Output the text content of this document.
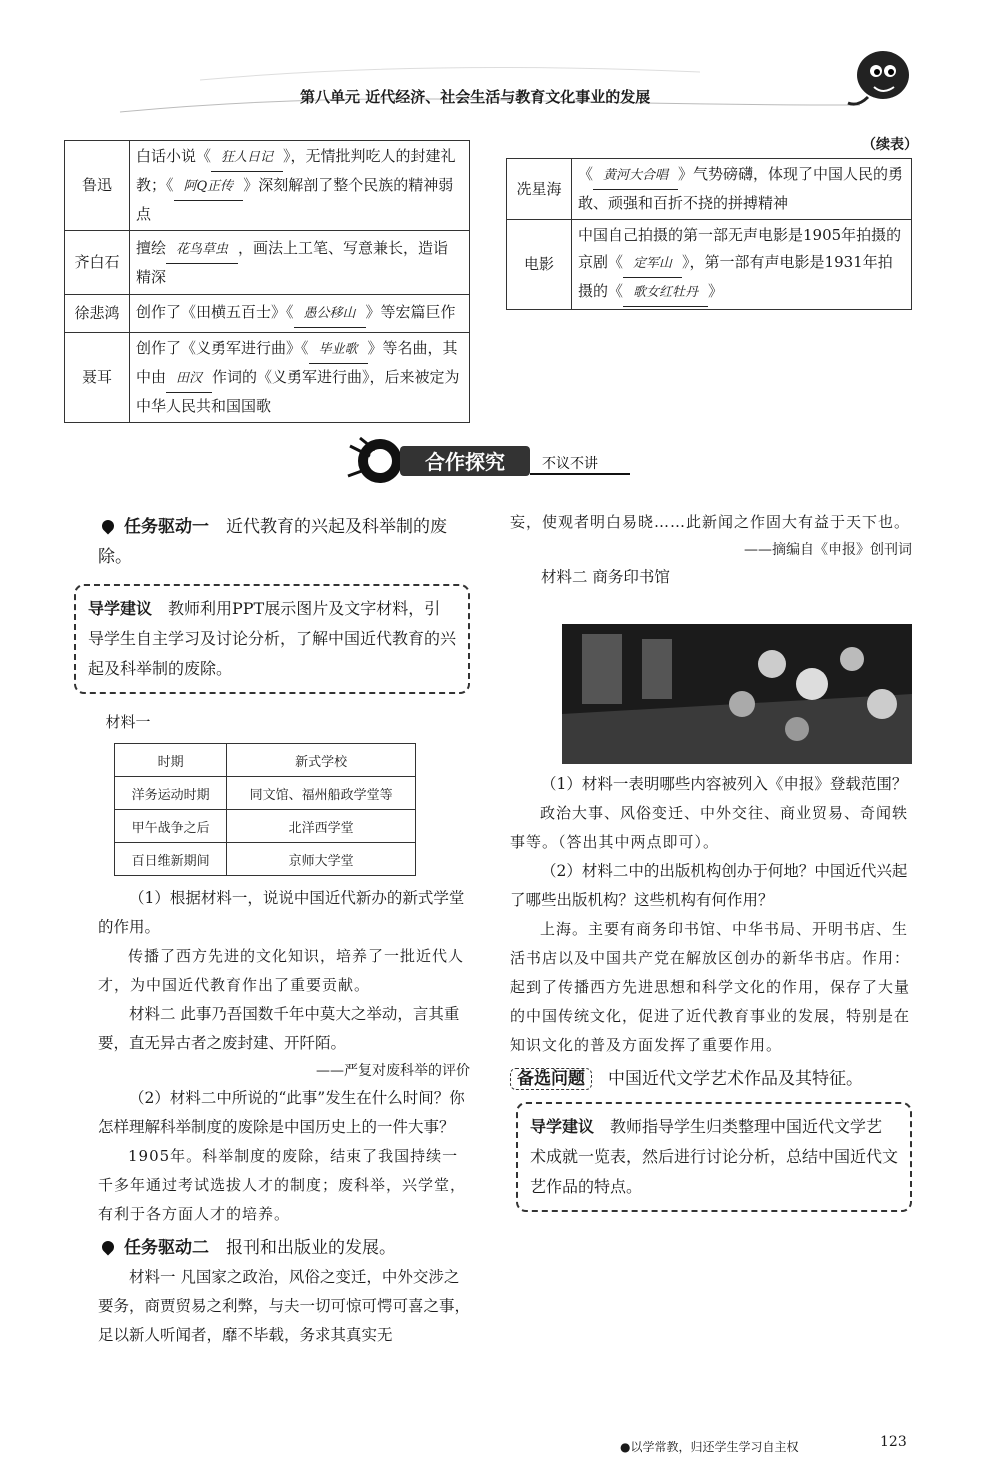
第八单元 近代经济、社会生活与教育文化事业的发展
（续表）
鲁迅	白话小说《 狂人日记 》，无情批判吃人的封建礼教；《 阿Q正传 》深刻解剖了整个民族的精神弱点
齐白石	擅绘 花鸟草虫 ，画法上工笔、写意兼长，造诣精深
徐悲鸿	创作了《田横五百士》《 愚公移山 》等宏篇巨作
聂耳	创作了《义勇军进行曲》《 毕业歌 》等名曲，其中由 田汉 作词的《义勇军进行曲》，后来被定为中华人民共和国国歌
冼星海	《 黄河大合唱 》气势磅礴，体现了中国人民的勇敢、顽强和百折不挠的拼搏精神
电影	中国自己拍摄的第一部无声电影是1905年拍摄的京剧《 定军山 》，第一部有声电影是1931年拍摄的《 歌女红牡丹 》
合作探究	不议不讲
任务驱动一　 近代教育的兴起及科举制的废除。
导学建议 教师利用PPT展示图片及文字材料，引导学生自主学习及讨论分析，了解中国近代教育的兴起及科举制的废除。
材料一
时期	新式学校
洋务运动时期	同文馆、福州船政学堂等
甲午战争之后	北洋西学堂
百日维新期间	京师大学堂

（1）根据材料一，说说中国近代新办的新式学堂的作用。

传播了西方先进的文化知识，培养了一批近代人才，为中国近代教育作出了重要贡献。

材料二 此事乃吾国数千年中莫大之举动，言其重要，直无异古者之废封建、开阡陌。

——严复对废科举的评价

（2）材料二中所说的“此事”发生在什么时间？你怎样理解科举制度的废除是中国历史上的一件大事？

1905年。科举制度的废除，结束了我国持续一千多年通过考试选拔人才的制度；废科举，兴学堂，有利于各方面人才的培养。

任务驱动二　 报刊和出版业的发展。

材料一 凡国家之政治，风俗之变迁，中外交涉之要务，商贾贸易之利弊，与夫一切可惊可愕可喜之事，足以新人听闻者，靡不毕载，务求其真实无

妄，使观者明白易晓……此新闻之作固大有益于天下也。

——摘编自《申报》创刊词

材料二 商务印书馆

（1）材料一表明哪些内容被列入《申报》登载范围？

政治大事、风俗变迁、中外交往、商业贸易、奇闻轶事等。（答出其中两点即可）。

（2）材料二中的出版机构创办于何地？中国近代兴起了哪些出版机构？这些机构有何作用？

上海。主要有商务印书馆、中华书局、开明书店、生活书店以及中国共产党在解放区创办的新华书店。作用：起到了传播西方先进思想和科学文化的作用，保存了大量的中国传统文化，促进了近代教育事业的发展，特别是在知识文化的普及方面发挥了重要作用。

备选问题 中国近代文学艺术作品及其特征。
导学建议 教师指导学生归类整理中国近代文学艺术成就一览表，然后进行讨论分析，总结中国近代文艺作品的特点。
●以学常教，归还学生学习自主权	123
